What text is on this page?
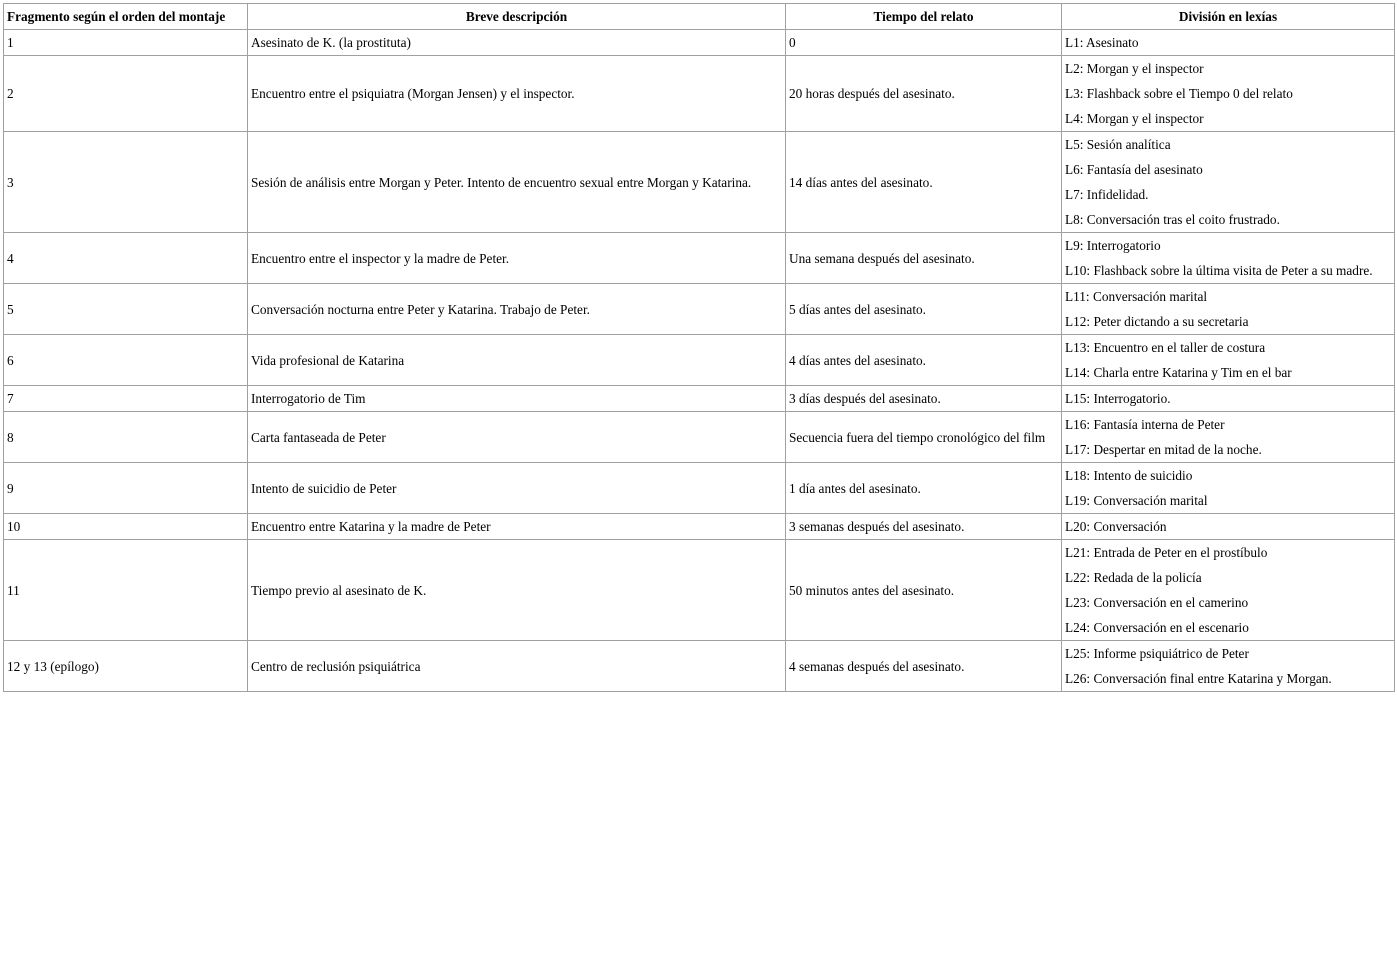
Fragmento según el orden del montaje	Breve descripción	Tiempo del relato	División en lexías
1	Asesinato de K. (la prostituta)	0	L1: Asesinato

2	Encuentro entre el psiquiatra (Morgan Jensen) y el inspector.	20 horas después del asesinato.	L2: Morgan y el inspector
L3: Flashback sobre el Tiempo 0 del relato
L4: Morgan y el inspector

3	Sesión de análisis entre Morgan y Peter. Intento de encuentro sexual entre Morgan y Katarina.	14 días antes del asesinato.	L5: Sesión analítica
L6: Fantasía del asesinato
L7: Infidelidad.
L8: Conversación tras el coito frustrado.

4	Encuentro entre el inspector y la madre de Peter.	Una semana después del asesinato.	L9: Interrogatorio
L10: Flashback sobre la última visita de Peter a su madre.

5	Conversación nocturna entre Peter y Katarina. Trabajo de Peter.	5 días antes del asesinato.	L11: Conversación marital
L12: Peter dictando a su secretaria

6	Vida profesional de Katarina	4 días antes del asesinato.	L13: Encuentro en el taller de costura
L14: Charla entre Katarina y Tim en el bar

7	Interrogatorio de Tim	3 días después del asesinato.	L15: Interrogatorio.

8	Carta fantaseada de Peter	Secuencia fuera del tiempo cronológico del film	L16: Fantasía interna de Peter
L17: Despertar en mitad de la noche.

9	Intento de suicidio de Peter	1 día antes del asesinato.	L18: Intento de suicidio
L19: Conversación marital

10	Encuentro entre Katarina y la madre de Peter	3 semanas después del asesinato.	L20: Conversación

11	Tiempo previo al asesinato de K.	50 minutos antes del asesinato.	L21: Entrada de Peter en el prostíbulo
L22: Redada de la policía
L23: Conversación en el camerino
L24: Conversación en el escenario

12 y 13 (epílogo)	Centro de reclusión psiquiátrica	4 semanas después del asesinato.	L25: Informe psiquiátrico de Peter
L26: Conversación final entre Katarina y Morgan.
